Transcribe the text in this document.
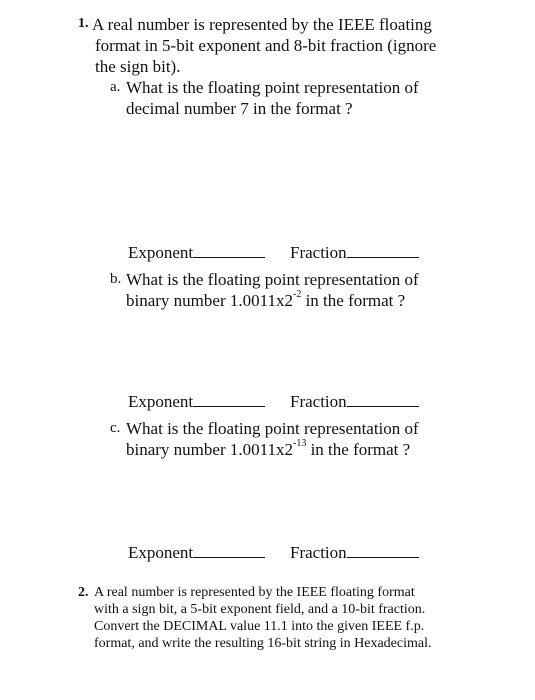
1. A real number is represented by the IEEE floating
format in 5-bit exponent and 8-bit fraction (ignore
the sign bit).
a. What is the floating point representation of
decimal number 7 in the format ?
Exponent	Fraction
b. What is the floating point representation of
binary number $1.0011x2^{-2}$ in the format ?
Exponent	Fraction
c. What is the floating point representation of
binary number $1.0011x2^{-13}$ in the format ?
Exponent	Fraction
2. A real number is represented by the IEEE floating format
with a sign bit, a 5-bit exponent field, and a 10-bit fraction.
Convert the DECIMAL value 11.1 into the given IEEE f.p.
format, and write the resulting 16-bit string in Hexadecimal.
